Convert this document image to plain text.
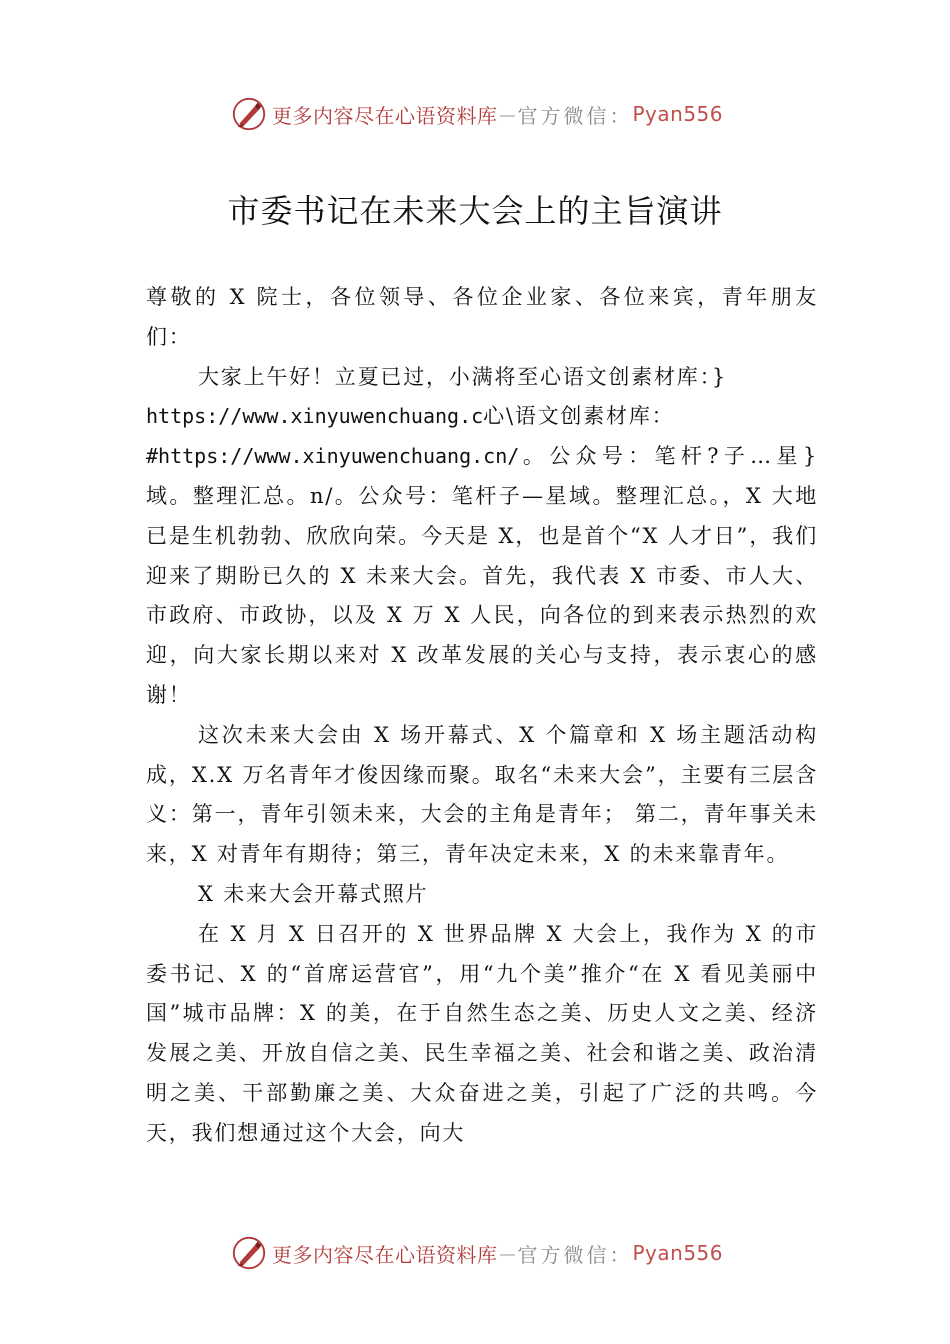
更多内容尽在心语资料库 — 官方微信： Pyan556
市委书记在未来大会上的主旨演讲

尊敬的 X 院士，各位领导、各位企业家、各位来宾，青年朋友们：

大家上午好！立夏已过，小满将至心语文创素材库：}

https://www.xinyuwenchuang.c心\语文创素材库：

#https://www.xinyuwenchuang.cn/。公众号：笔杆?子…星}域。整理汇总。n/。公众号：笔杆子—星域。整理汇总。，X 大地已是生机勃勃、欣欣向荣。今天是 X，也是首个“X 人才日”，我们迎来了期盼已久的 X 未来大会。首先，我代表 X 市委、市人大、市政府、市政协，以及 X 万 X 人民，向各位的到来表示热烈的欢迎，向大家长期以来对 X 改革发展的关心与支持，表示衷心的感谢！

这次未来大会由 X 场开幕式、X 个篇章和 X 场主题活动构成，X.X 万名青年才俊因缘而聚。取名“未来大会”，主要有三层含义：第一，青年引领未来，大会的主角是青年； 第二，青年事关未来，X 对青年有期待；第三，青年决定未来，X 的未来靠青年。

X 未来大会开幕式照片

在 X 月 X 日召开的 X 世界品牌 X 大会上，我作为 X 的市委书记、X 的“首席运营官”，用“九个美”推介“在 X 看见美丽中国”城市品牌：X 的美，在于自然生态之美、历史人文之美、经济发展之美、开放自信之美、民生幸福之美、社会和谐之美、政治清明之美、干部勤廉之美、大众奋进之美，引起了广泛的共鸣。今天，我们想通过这个大会，向大

更多内容尽在心语资料库 — 官方微信： Pyan556
